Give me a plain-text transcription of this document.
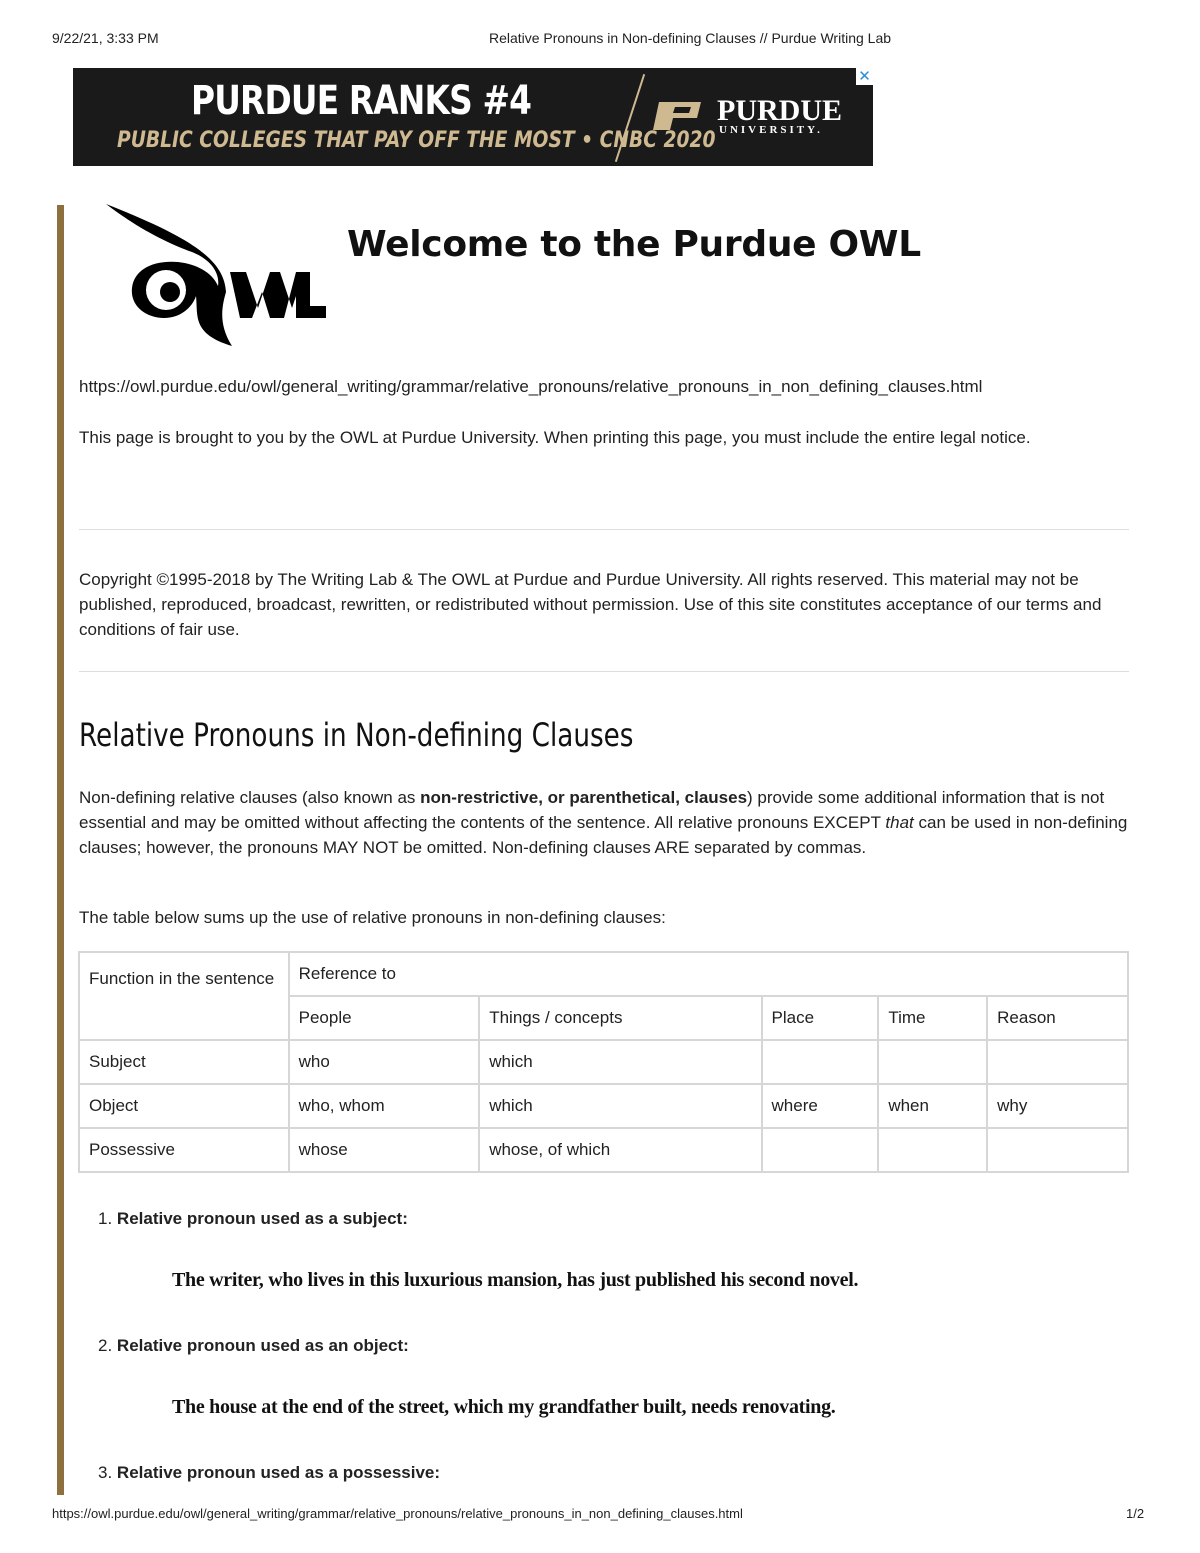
9/22/21, 3:33 PM	Relative Pronouns in Non-defining Clauses // Purdue Writing Lab
PURDUE RANKS #4
PUBLIC COLLEGES THAT PAY OFF THE MOST • CNBC 2020
PURDUE
UNIVERSITY.
✕
Welcome to the Purdue OWL
https://owl.purdue.edu/owl/general_writing/grammar/relative_pronouns/relative_pronouns_in_non_defining_clauses.html

This page is brought to you by the OWL at Purdue University. When printing this page, you must include the entire legal notice.

Copyright ©1995-2018 by The Writing Lab & The OWL at Purdue and Purdue University. All rights reserved. This material may not be published, reproduced, broadcast, rewritten, or redistributed without permission. Use of this site constitutes acceptance of our terms and conditions of fair use.

Relative Pronouns in Non-defining Clauses

Non-defining relative clauses (also known as non-restrictive, or parenthetical, clauses) provide some additional information that is not essential and may be omitted without affecting the contents of the sentence. All relative pronouns EXCEPT that can be used in non-defining clauses; however, the pronouns MAY NOT be omitted. Non-defining clauses ARE separated by commas.

The table below sums up the use of relative pronouns in non-defining clauses:

Function in the sentence	Reference to				
	People	Things / concepts	Place	Time	Reason
Subject	who	which			
Object	who, whom	which	where	when	why
Possessive	whose	whose, of which			
1. Relative pronoun used as a subject:
The writer, who lives in this luxurious mansion, has just published his second novel.
2. Relative pronoun used as an object:
The house at the end of the street, which my grandfather built, needs renovating.
3. Relative pronoun used as a possessive:
https://owl.purdue.edu/owl/general_writing/grammar/relative_pronouns/relative_pronouns_in_non_defining_clauses.html	1/2
